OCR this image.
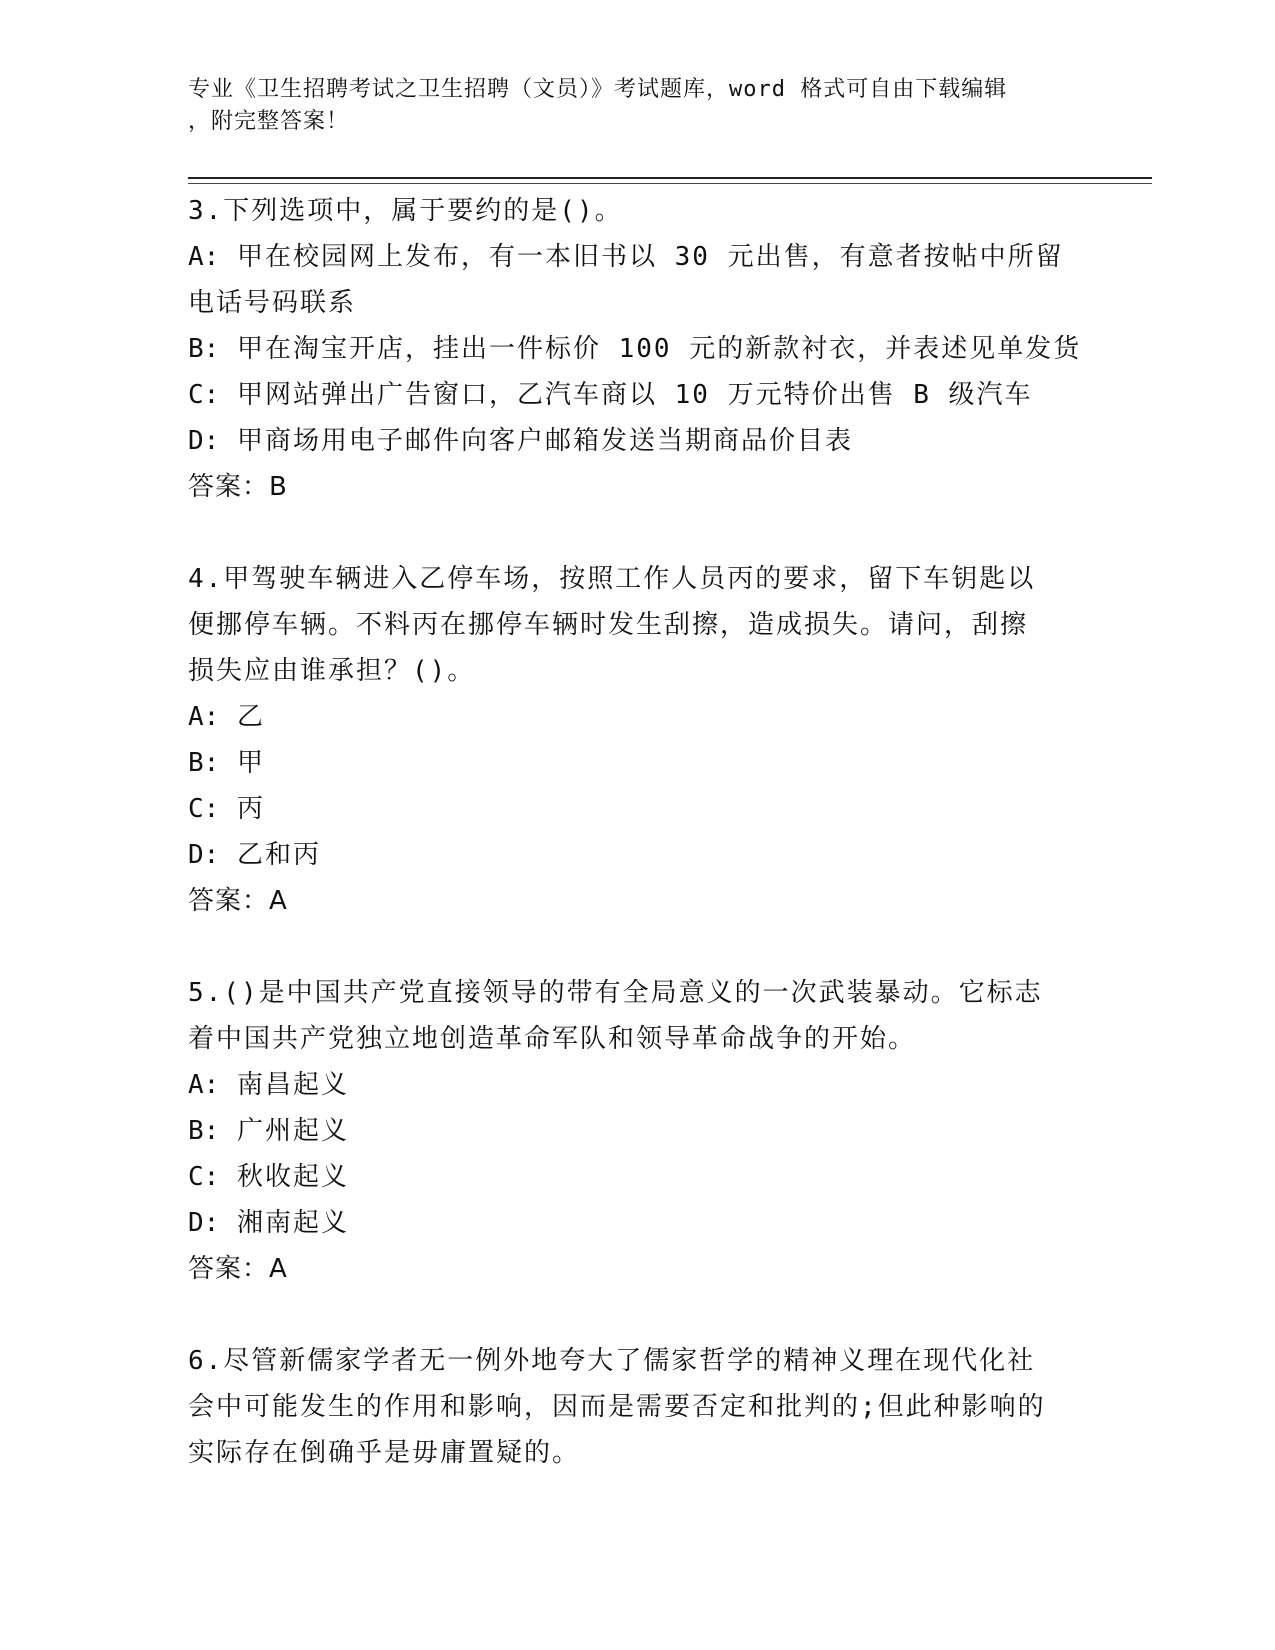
专业《卫生招聘考试之卫生招聘（文员）》考试题库，word 格式可自由下载编辑
，附完整答案！
3.下列选项中，属于要约的是()。
A: 甲在校园网上发布，有一本旧书以 30 元出售，有意者按帖中所留
电话号码联系
B: 甲在淘宝开店，挂出一件标价 100 元的新款衬衣，并表述见单发货
C: 甲网站弹出广告窗口，乙汽车商以 10 万元特价出售 B 级汽车
D: 甲商场用电子邮件向客户邮箱发送当期商品价目表
答案：B
4.甲驾驶车辆进入乙停车场，按照工作人员丙的要求，留下车钥匙以
便挪停车辆。不料丙在挪停车辆时发生刮擦，造成损失。请问，刮擦
损失应由谁承担？()。
A: 乙
B: 甲
C: 丙
D: 乙和丙
答案：A
5.()是中国共产党直接领导的带有全局意义的一次武装暴动。它标志
着中国共产党独立地创造革命军队和领导革命战争的开始。
A: 南昌起义
B: 广州起义
C: 秋收起义
D: 湘南起义
答案：A
6.尽管新儒家学者无一例外地夸大了儒家哲学的精神义理在现代化社
会中可能发生的作用和影响，因而是需要否定和批判的;但此种影响的
实际存在倒确乎是毋庸置疑的。
